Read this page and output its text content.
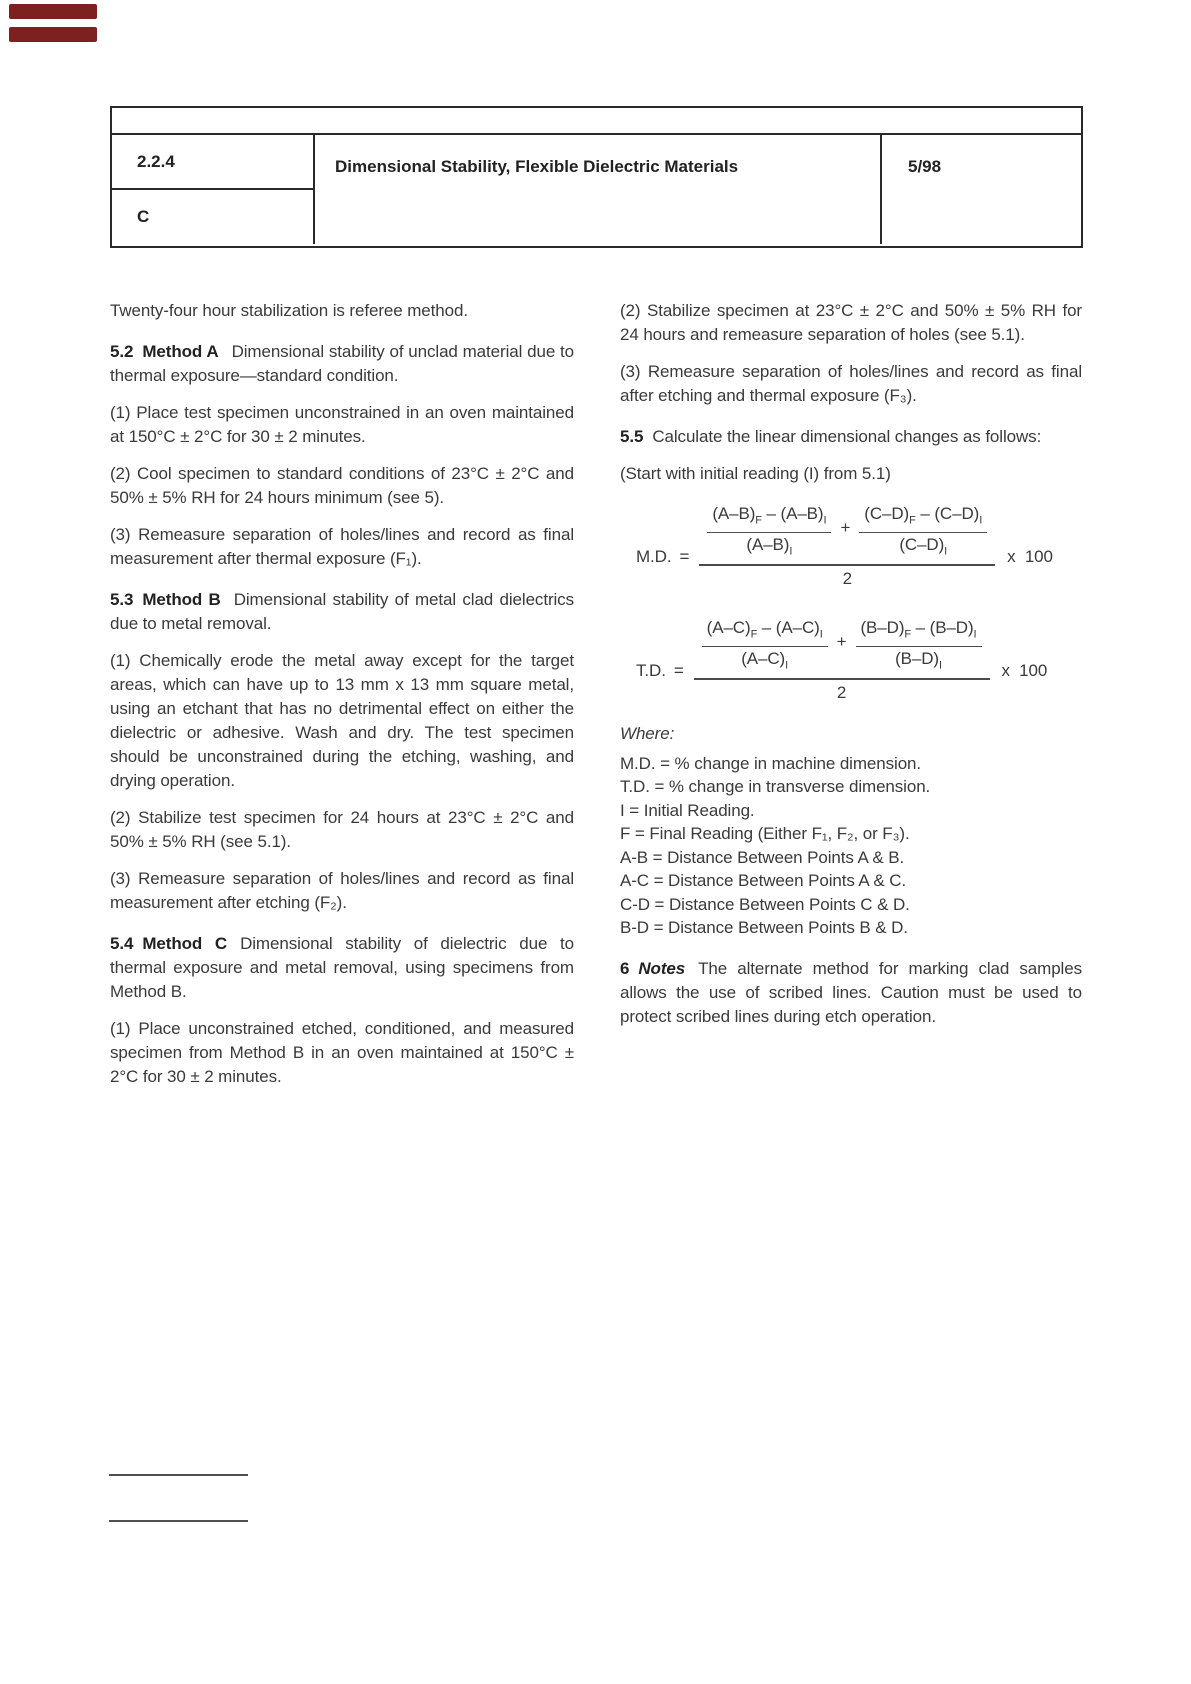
2.2.4
C
Dimensional Stability, Flexible Dielectric Materials	5/98

Twenty-four hour stabilization is referee method.

5.2 Method A Dimensional stability of unclad material due to thermal exposure—standard condition.

(1) Place test specimen unconstrained in an oven maintained at 150°C ± 2°C for 30 ± 2 minutes.

(2) Cool specimen to standard conditions of 23°C ± 2°C and 50% ± 5% RH for 24 hours minimum (see 5).

(3) Remeasure separation of holes/lines and record as final measurement after thermal exposure (F₁).

5.3 Method B Dimensional stability of metal clad dielectrics due to metal removal.

(1) Chemically erode the metal away except for the target areas, which can have up to 13 mm x 13 mm square metal, using an etchant that has no detrimental effect on either the dielectric or adhesive. Wash and dry. The test specimen should be unconstrained during the etching, washing, and drying operation.

(2) Stabilize test specimen for 24 hours at 23°C ± 2°C and 50% ± 5% RH (see 5.1).

(3) Remeasure separation of holes/lines and record as final measurement after etching (F₂).

5.4 Method C Dimensional stability of dielectric due to thermal exposure and metal removal, using specimens from Method B.

(1) Place unconstrained etched, conditioned, and measured specimen from Method B in an oven maintained at 150°C ± 2°C for 30 ± 2 minutes.

(2) Stabilize specimen at 23°C ± 2°C and 50% ± 5% RH for 24 hours and remeasure separation of holes (see 5.1).

(3) Remeasure separation of holes/lines and record as final after etching and thermal exposure (F₃).

5.5 Calculate the linear dimensional changes as follows:

(Start with initial reading (I) from 5.1)

M.D. = $\frac{(A-B)_F - (A-B)_I}{(A-B)_I} + \frac{(C-D)_F - (C-D)_I}{(C-D)_I}$
2
x  100
T.D. = $\frac{(A-C)_F - (A-C)_I}{(A-C)_I} + \frac{(B-D)_F - (B-D)_I}{(B-D)_I}$
2
x  100
Where:
M.D. = % change in machine dimension.
T.D. = % change in transverse dimension.
I = Initial Reading.
F = Final Reading (Either F₁, F₂, or F₃).
A-B = Distance Between Points A & B.
A-C = Distance Between Points A & C.
C-D = Distance Between Points C & D.
B-D = Distance Between Points B & D.

6 Notes The alternate method for marking clad samples allows the use of scribed lines. Caution must be used to protect scribed lines during etch operation.
